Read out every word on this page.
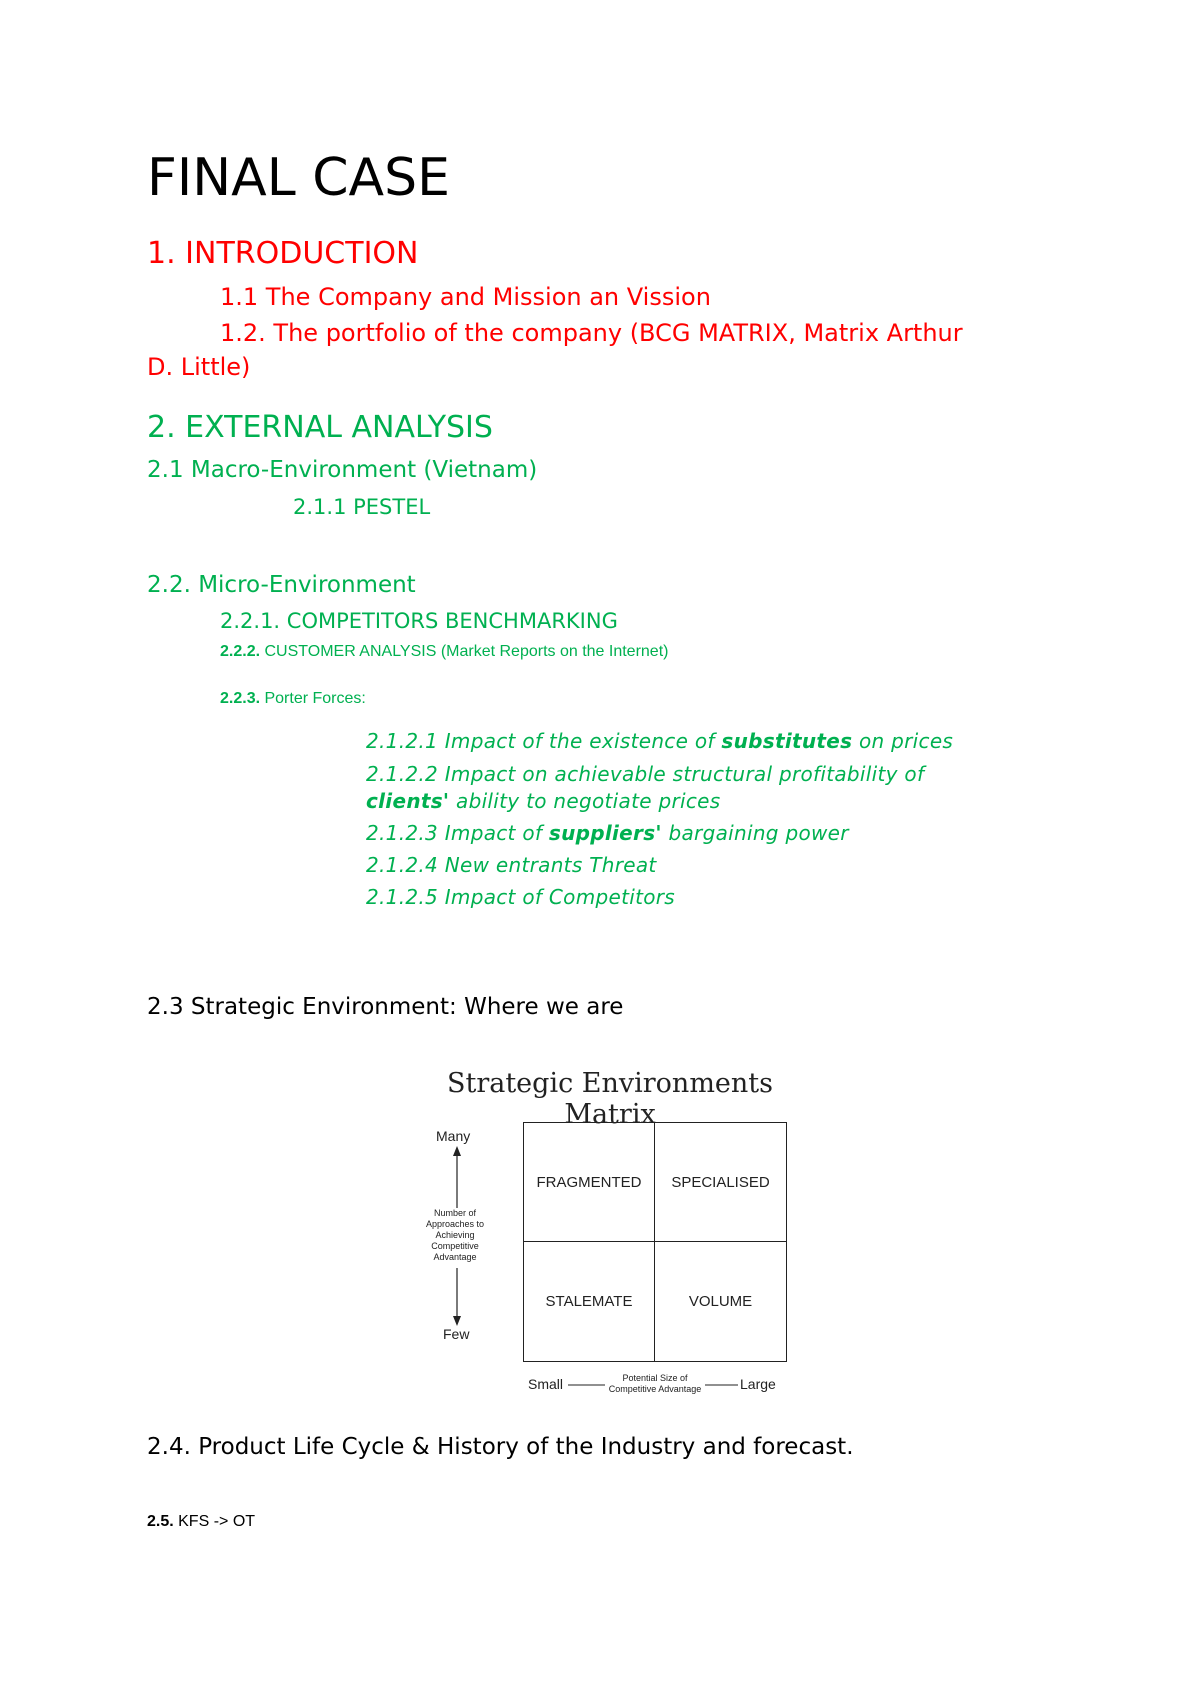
FINAL CASE
1. INTRODUCTION
1.1 The Company and Mission an Vission
1.2. The portfolio of the company (BCG MATRIX, Matrix Arthur
D. Little)
2. EXTERNAL ANALYSIS
2.1 Macro-Environment (Vietnam)
2.1.1 PESTEL
2.2. Micro-Environment
2.2.1. COMPETITORS BENCHMARKING
2.2.2. CUSTOMER ANALYSIS (Market Reports on the Internet)
2.2.3. Porter Forces:
2.1.2.1 Impact of the existence of substitutes on prices
2.1.2.2 Impact on achievable structural profitability of
clients' ability to negotiate prices
2.1.2.3 Impact of suppliers' bargaining power
2.1.2.4 New entrants Threat
2.1.2.5 Impact of Competitors
2.3 Strategic Environment: Where we are
Strategic Environments Matrix
FRAGMENTED	SPECIALISED
STALEMATE	VOLUME
Many
Number of Approaches to Achieving Competitive Advantage
Few
Small	Potential Size of Competitive Advantage	Large
2.4. Product Life Cycle & History of the Industry and forecast.
2.5. KFS -> OT
